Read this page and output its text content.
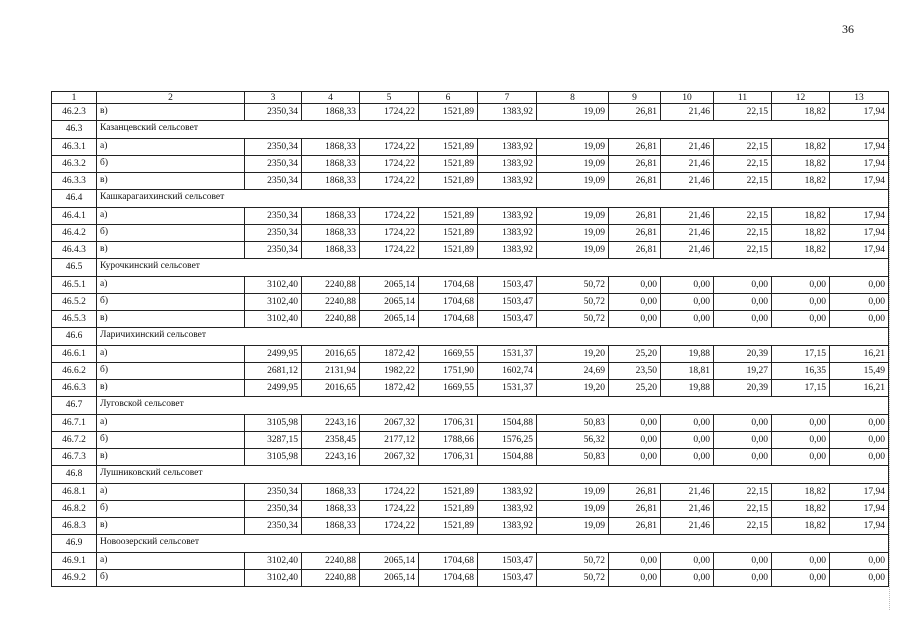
36
1	2	3	4	5	6	7	8	9	10	11	12	13
46.2.3	в)	2350,34	1868,33	1724,22	1521,89	1383,92	19,09	26,81	21,46	22,15	18,82	17,94
46.3	Казанцевский сельсовет											
46.3.1	а)	2350,34	1868,33	1724,22	1521,89	1383,92	19,09	26,81	21,46	22,15	18,82	17,94
46.3.2	б)	2350,34	1868,33	1724,22	1521,89	1383,92	19,09	26,81	21,46	22,15	18,82	17,94
46.3.3	в)	2350,34	1868,33	1724,22	1521,89	1383,92	19,09	26,81	21,46	22,15	18,82	17,94
46.4	Кашкарагаихинский сельсовет											
46.4.1	а)	2350,34	1868,33	1724,22	1521,89	1383,92	19,09	26,81	21,46	22,15	18,82	17,94
46.4.2	б)	2350,34	1868,33	1724,22	1521,89	1383,92	19,09	26,81	21,46	22,15	18,82	17,94
46.4.3	в)	2350,34	1868,33	1724,22	1521,89	1383,92	19,09	26,81	21,46	22,15	18,82	17,94
46.5	Курочкинский сельсовет											
46.5.1	а)	3102,40	2240,88	2065,14	1704,68	1503,47	50,72	0,00	0,00	0,00	0,00	0,00
46.5.2	б)	3102,40	2240,88	2065,14	1704,68	1503,47	50,72	0,00	0,00	0,00	0,00	0,00
46.5.3	в)	3102,40	2240,88	2065,14	1704,68	1503,47	50,72	0,00	0,00	0,00	0,00	0,00
46.6	Ларичихинский сельсовет											
46.6.1	а)	2499,95	2016,65	1872,42	1669,55	1531,37	19,20	25,20	19,88	20,39	17,15	16,21
46.6.2	б)	2681,12	2131,94	1982,22	1751,90	1602,74	24,69	23,50	18,81	19,27	16,35	15,49
46.6.3	в)	2499,95	2016,65	1872,42	1669,55	1531,37	19,20	25,20	19,88	20,39	17,15	16,21
46.7	Луговской сельсовет											
46.7.1	а)	3105,98	2243,16	2067,32	1706,31	1504,88	50,83	0,00	0,00	0,00	0,00	0,00
46.7.2	б)	3287,15	2358,45	2177,12	1788,66	1576,25	56,32	0,00	0,00	0,00	0,00	0,00
46.7.3	в)	3105,98	2243,16	2067,32	1706,31	1504,88	50,83	0,00	0,00	0,00	0,00	0,00
46.8	Лушниковский сельсовет											
46.8.1	а)	2350,34	1868,33	1724,22	1521,89	1383,92	19,09	26,81	21,46	22,15	18,82	17,94
46.8.2	б)	2350,34	1868,33	1724,22	1521,89	1383,92	19,09	26,81	21,46	22,15	18,82	17,94
46.8.3	в)	2350,34	1868,33	1724,22	1521,89	1383,92	19,09	26,81	21,46	22,15	18,82	17,94
46.9	Новоозерский сельсовет											
46.9.1	а)	3102,40	2240,88	2065,14	1704,68	1503,47	50,72	0,00	0,00	0,00	0,00	0,00
46.9.2	б)	3102,40	2240,88	2065,14	1704,68	1503,47	50,72	0,00	0,00	0,00	0,00	0,00
